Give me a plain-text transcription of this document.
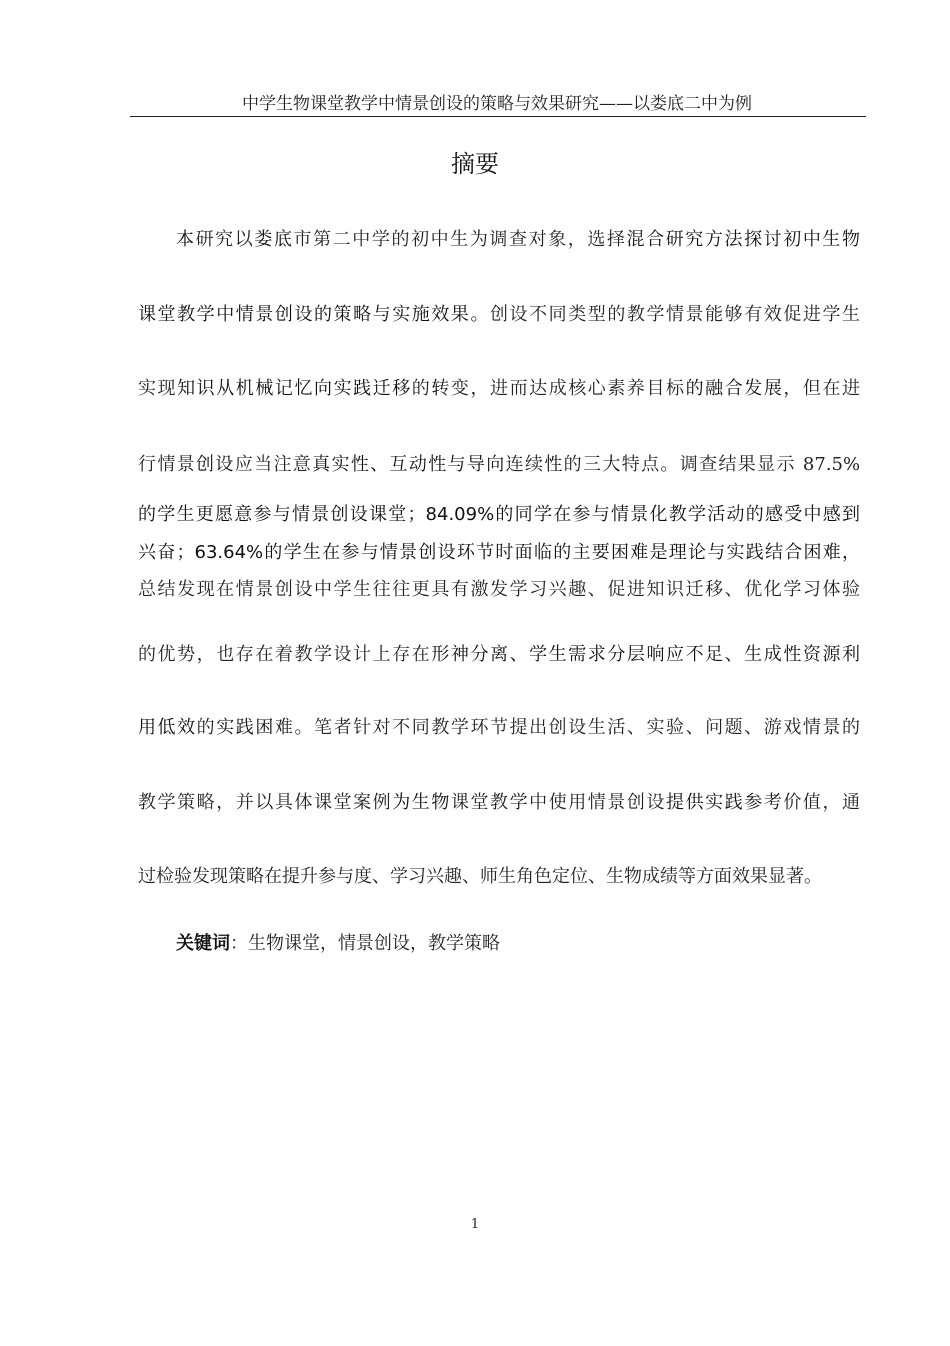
中学生物课堂教学中情景创设的策略与效果研究——以娄底二中为例
摘要
本研究以娄底市第二中学的初中生为调查对象，选择混合研究方法探讨初中生物
课堂教学中情景创设的策略与实施效果。创设不同类型的教学情景能够有效促进学生
实现知识从机械记忆向实践迁移的转变，进而达成核心素养目标的融合发展，但在进
行情景创设应当注意真实性、互动性与导向连续性的三大特点。调查结果显示 87.5%
的学生更愿意参与情景创设课堂；84.09%的同学在参与情景化教学活动的感受中感到
兴奋；63.64%的学生在参与情景创设环节时面临的主要困难是理论与实践结合困难，
总结发现在情景创设中学生往往更具有激发学习兴趣、促进知识迁移、优化学习体验
的优势，也存在着教学设计上存在形神分离、学生需求分层响应不足、生成性资源利
用低效的实践困难。笔者针对不同教学环节提出创设生活、实验、问题、游戏情景的
教学策略，并以具体课堂案例为生物课堂教学中使用情景创设提供实践参考价值，通
过检验发现策略在提升参与度、学习兴趣、师生角色定位、生物成绩等方面效果显著。
关键词：生物课堂，情景创设，教学策略
1
